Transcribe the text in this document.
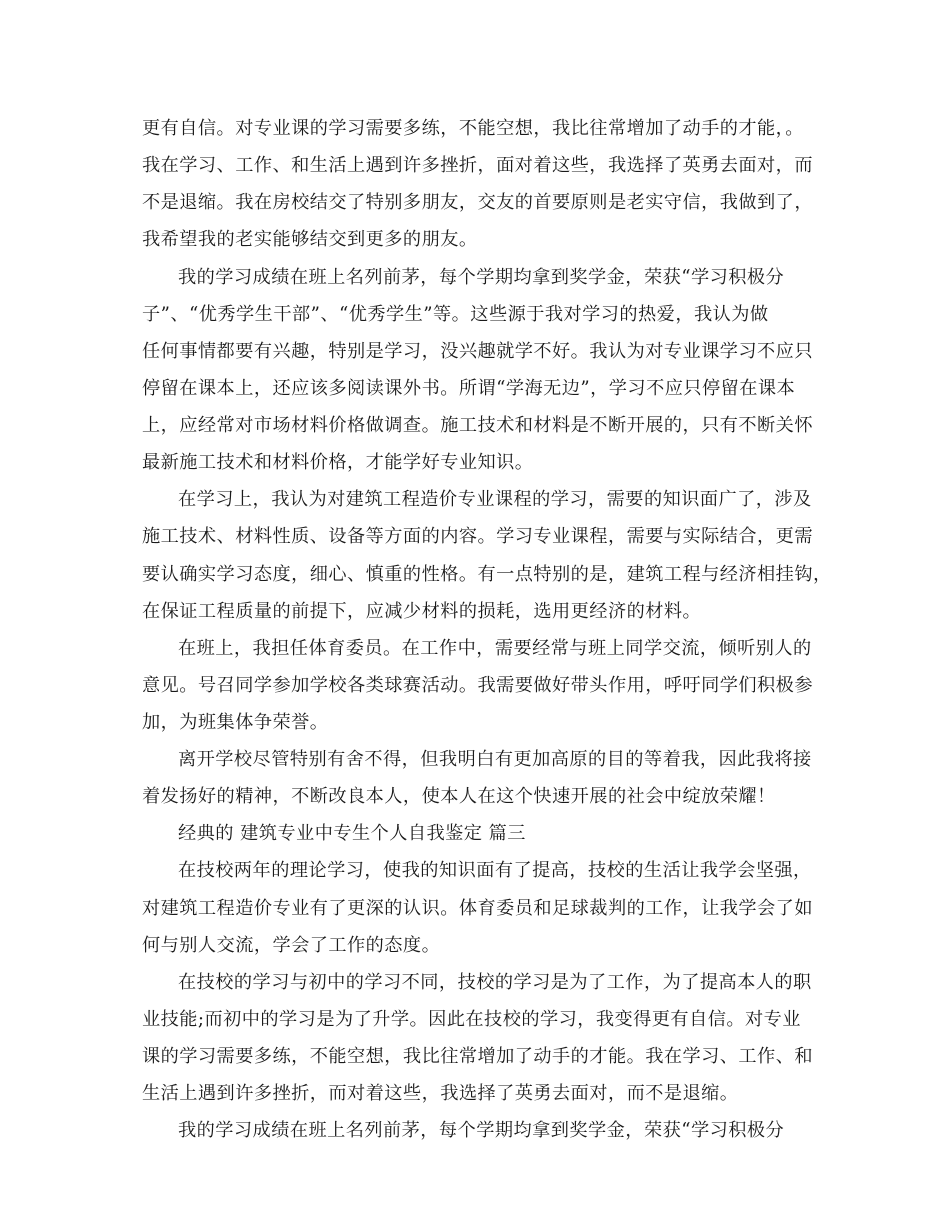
更有自信。对专业课的学习需要多练，不能空想，我比往常增加了动手的才能，。
我在学习、工作、和生活上遇到许多挫折，面对着这些，我选择了英勇去面对，而
不是退缩。我在房校结交了特别多朋友，交友的首要原则是老实守信，我做到了，
我希望我的老实能够结交到更多的朋友。
我的学习成绩在班上名列前茅，每个学期均拿到奖学金，荣获“学习积极分
子”、“优秀学生干部”、“优秀学生”等。这些源于我对学习的热爱，我认为做
任何事情都要有兴趣，特别是学习，没兴趣就学不好。我认为对专业课学习不应只
停留在课本上，还应该多阅读课外书。所谓“学海无边”，学习不应只停留在课本
上，应经常对市场材料价格做调查。施工技术和材料是不断开展的，只有不断关怀
最新施工技术和材料价格，才能学好专业知识。
在学习上，我认为对建筑工程造价专业课程的学习，需要的知识面广了，涉及
施工技术、材料性质、设备等方面的内容。学习专业课程，需要与实际结合，更需
要认确实学习态度，细心、慎重的性格。有一点特别的是，建筑工程与经济相挂钩，
在保证工程质量的前提下，应减少材料的损耗，选用更经济的材料。
在班上，我担任体育委员。在工作中，需要经常与班上同学交流，倾听别人的
意见。号召同学参加学校各类球赛活动。我需要做好带头作用，呼吁同学们积极参
加，为班集体争荣誉。
离开学校尽管特别有舍不得，但我明白有更加高原的目的等着我，因此我将接
着发扬好的精神，不断改良本人，使本人在这个快速开展的社会中绽放荣耀！
经典的 建筑专业中专生个人自我鉴定 篇三
在技校两年的理论学习，使我的知识面有了提高，技校的生活让我学会坚强，
对建筑工程造价专业有了更深的认识。体育委员和足球裁判的工作，让我学会了如
何与别人交流，学会了工作的态度。
在技校的学习与初中的学习不同，技校的学习是为了工作，为了提高本人的职
业技能;而初中的学习是为了升学。因此在技校的学习，我变得更有自信。对专业
课的学习需要多练，不能空想，我比往常增加了动手的才能。我在学习、工作、和
生活上遇到许多挫折，而对着这些，我选择了英勇去面对，而不是退缩。
我的学习成绩在班上名列前茅，每个学期均拿到奖学金，荣获“学习积极分
